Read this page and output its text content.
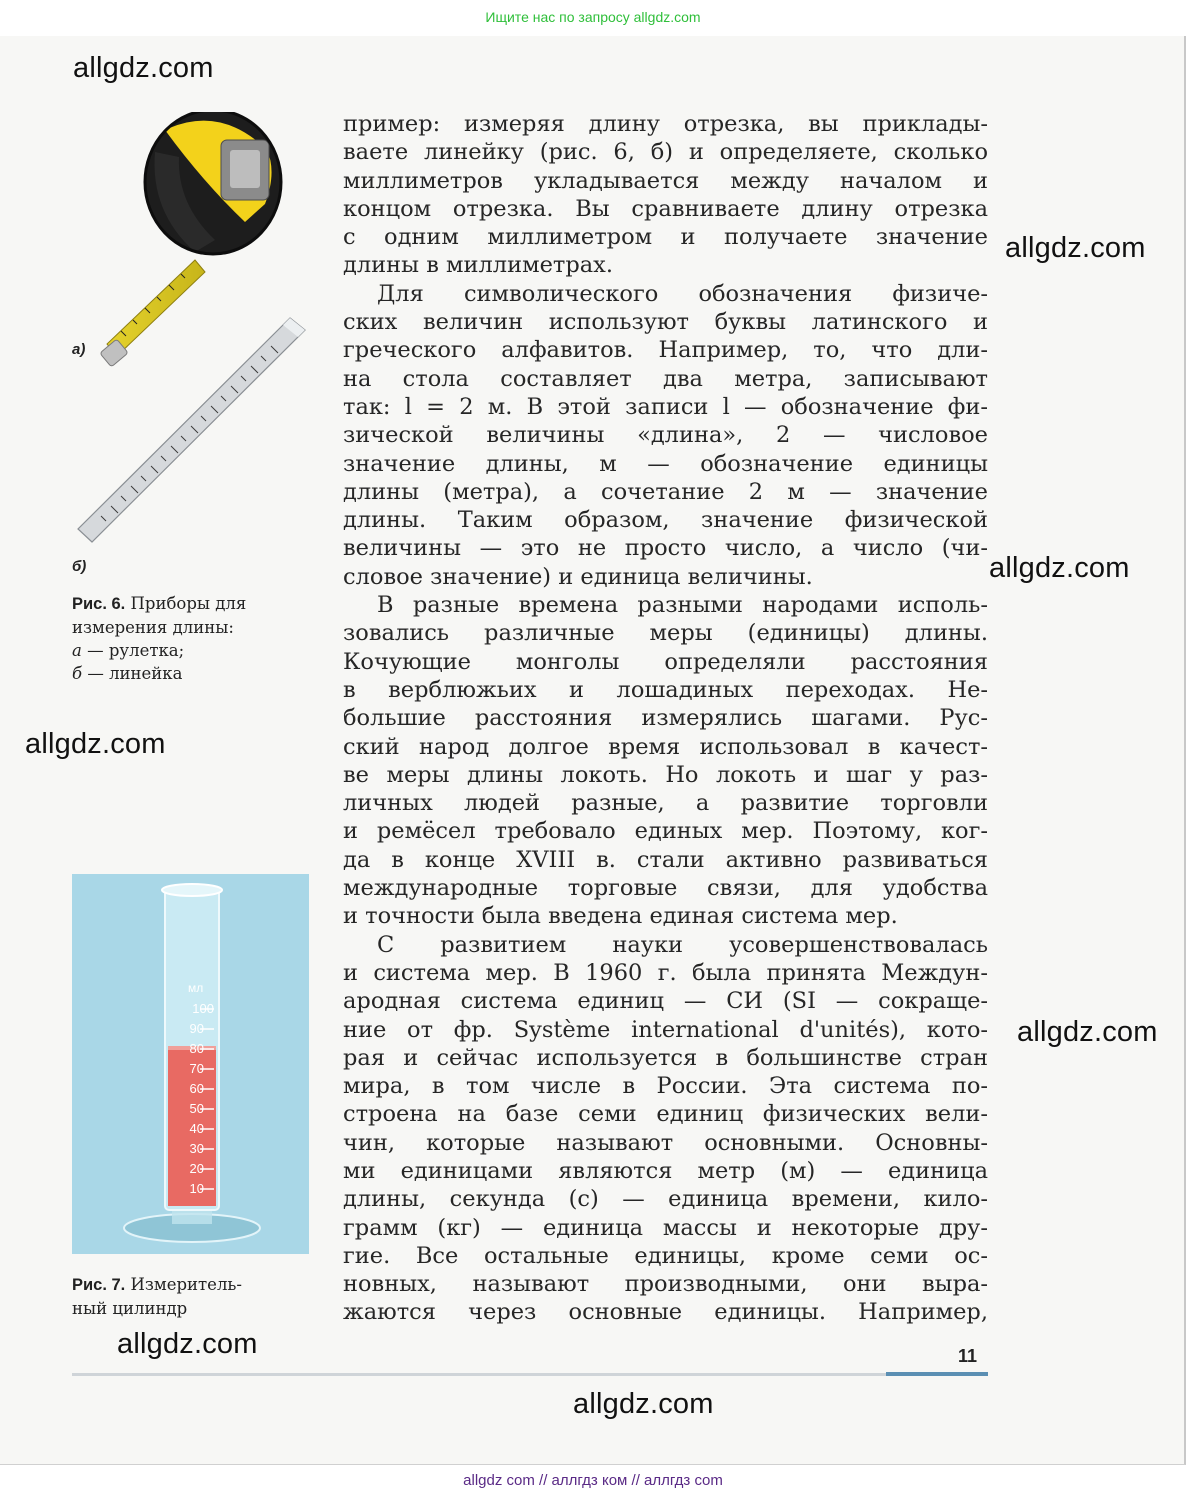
Ищите нас по запросу allgdz.com
а)
б)
Рис. 6. Приборы для
измерения длины:
а — рулетка;
б — линейка
мл
100
90
80
70
60
50
40
30
20
10
Рис. 7. Измеритель-
ный цилиндр
пример: измеряя длину отрезка, вы приклады-
ваете линейку (рис. 6, б) и определяете, сколько
миллиметров укладывается между началом и
концом отрезка. Вы сравниваете длину отрезка
с одним миллиметром и получаете значение
длины в миллиметрах.
Для символического обозначения физиче-
ских величин используют буквы латинского и
греческого алфавитов. Например, то, что дли-
на стола составляет два метра, записывают
так: l = 2 м. В этой записи l — обозначение фи-
зической величины «длина», 2 — числовое
значение длины, м — обозначение единицы
длины (метра), а сочетание 2 м — значение
длины. Таким образом, значение физической
величины — это не просто число, а число (чи-
словое значение) и единица величины.
В разные времена разными народами исполь-
зовались различные меры (единицы) длины.
Кочующие монголы определяли расстояния
в верблюжьих и лошадиных переходах. Не-
большие расстояния измерялись шагами. Рус-
ский народ долгое время использовал в качест-
ве меры длины локоть. Но локоть и шаг у раз-
личных людей разные, а развитие торговли
и ремёсел требовало единых мер. Поэтому, ког-
да в конце XVIII в. стали активно развиваться
международные торговые связи, для удобства
и точности была введена единая система мер.
С развитием науки усовершенствовалась
и система мер. В 1960 г. была принята Междун-
ародная система единиц — СИ (SI — сокраще-
ние от фр. Système international d'unités), кото-
рая и сейчас используется в большинстве стран
мира, в том числе в России. Эта система по-
строена на базе семи единиц физических вели-
чин, которые называют основными. Основны-
ми единицами являются метр (м) — единица
длины, секунда (с) — единица времени, кило-
грамм (кг) — единица массы и некоторые дру-
гие. Все остальные единицы, кроме семи ос-
новных, называют производными, они выра-
жаются через основные единицы. Например,
11
allgdz.com
allgdz.com
allgdz.com
allgdz.com
allgdz.com
allgdz.com
allgdz.com
allgdz com // аллгдз ком // аллгдз com
